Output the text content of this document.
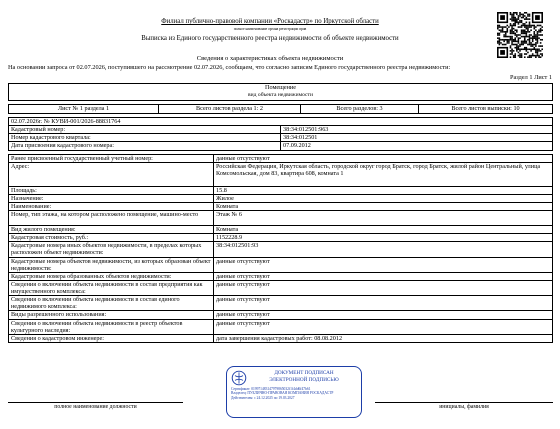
Филиал публично-правовой компании «Роскадастр» по Иркутской области
полное наименование органа регистрации прав
Выписка из Единого государственного реестра недвижимости об объекте недвижимости
Сведения о характеристиках объекта недвижимости
На основании запроса от 02.07.2026, поступившего на рассмотрение 02.07.2026, сообщаем, что согласно записям Единого государственного реестра недвижимости:
Раздел 1 Лист 1
Помещение
вид объекта недвижимости
Лист № 1 раздела 1	Всего листов раздела 1: 2	Всего разделов: 3	Всего листов выписки: 10
02.07.2026г. № КУВИ-001/2026-88831764	
Кадастровый номер:	38:34:012501:963
Номер кадастрового квартала:	38:34:012501
Дата присвоения кадастрового номера:	07.09.2012
Ранее присвоенный государственный учетный номер:	данные отсутствуют
Адрес:	Российская Федерация, Иркутская область, городской округ город Братск, город Братск, жилой район Центральный, улица Комсомольская, дом 83, квартира 608, комната 1
Площадь:	15.8
Назначение:	Жилое
Наименование:	Комната
Номер, тип этажа, на котором расположено помещение, машино-место	Этаж № 6
Вид жилого помещения:	Комната
Кадастровая стоимость, руб.:	1152228.9
Кадастровые номера иных объектов недвижимости, в пределах которых расположен объект недвижимости:	38:34:012501:93
Кадастровые номера объектов недвижимости, из которых образован объект недвижимости:	данные отсутствуют
Кадастровые номера образованных объектов недвижимости:	данные отсутствуют
Сведения о включении объекта недвижимости в состав предприятия как имущественного комплекса:	данные отсутствуют
Сведения о включении объекта недвижимости в состав единого недвижимого комплекса:	данные отсутствуют
Виды разрешенного использования:	данные отсутствуют
Сведения о включении объекта недвижимости в реестр объектов культурного наследия:	данные отсутствуют
Сведения о кадастровом инженере:	дата завершения кадастровых работ: 08.08.2012
полное наименование должности	инициалы, фамилия
ДОКУМЕНТ ПОДПИСАН
ЭЛЕКТРОННОЙ ПОДПИСЬЮ
Сертификат: 019971483147979865032f1f4dd6f47b61
Владелец: ПУБЛИЧНО-ПРАВОВАЯ КОМПАНИЯ РОСКАДАСТР
Действителен: с 24.12.2025 по 19.03.2027
